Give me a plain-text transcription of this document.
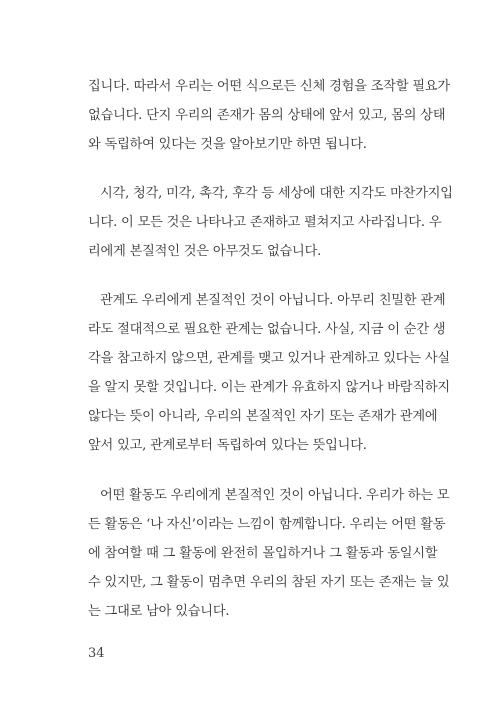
집니다. 따라서 우리는 어떤 식으로든 신체 경험을 조작할 필요가
없습니다. 단지 우리의 존재가 몸의 상태에 앞서 있고, 몸의 상태
와 독립하여 있다는 것을 알아보기만 하면 됩니다.
시각, 청각, 미각, 촉각, 후각 등 세상에 대한 지각도 마찬가지입
니다. 이 모든 것은 나타나고 존재하고 펼쳐지고 사라집니다. 우
리에게 본질적인 것은 아무것도 없습니다.
관계도 우리에게 본질적인 것이 아닙니다. 아무리 친밀한 관계
라도 절대적으로 필요한 관계는 없습니다. 사실, 지금 이 순간 생
각을 참고하지 않으면, 관계를 맺고 있거나 관계하고 있다는 사실
을 알지 못할 것입니다. 이는 관계가 유효하지 않거나 바람직하지
않다는 뜻이 아니라, 우리의 본질적인 자기 또는 존재가 관계에
앞서 있고, 관계로부터 독립하여 있다는 뜻입니다.
어떤 활동도 우리에게 본질적인 것이 아닙니다. 우리가 하는 모
든 활동은 ‘나 자신’이라는 느낌이 함께합니다. 우리는 어떤 활동
에 참여할 때 그 활동에 완전히 몰입하거나 그 활동과 동일시할
수 있지만, 그 활동이 멈추면 우리의 참된 자기 또는 존재는 늘 있
는 그대로 남아 있습니다.
34
